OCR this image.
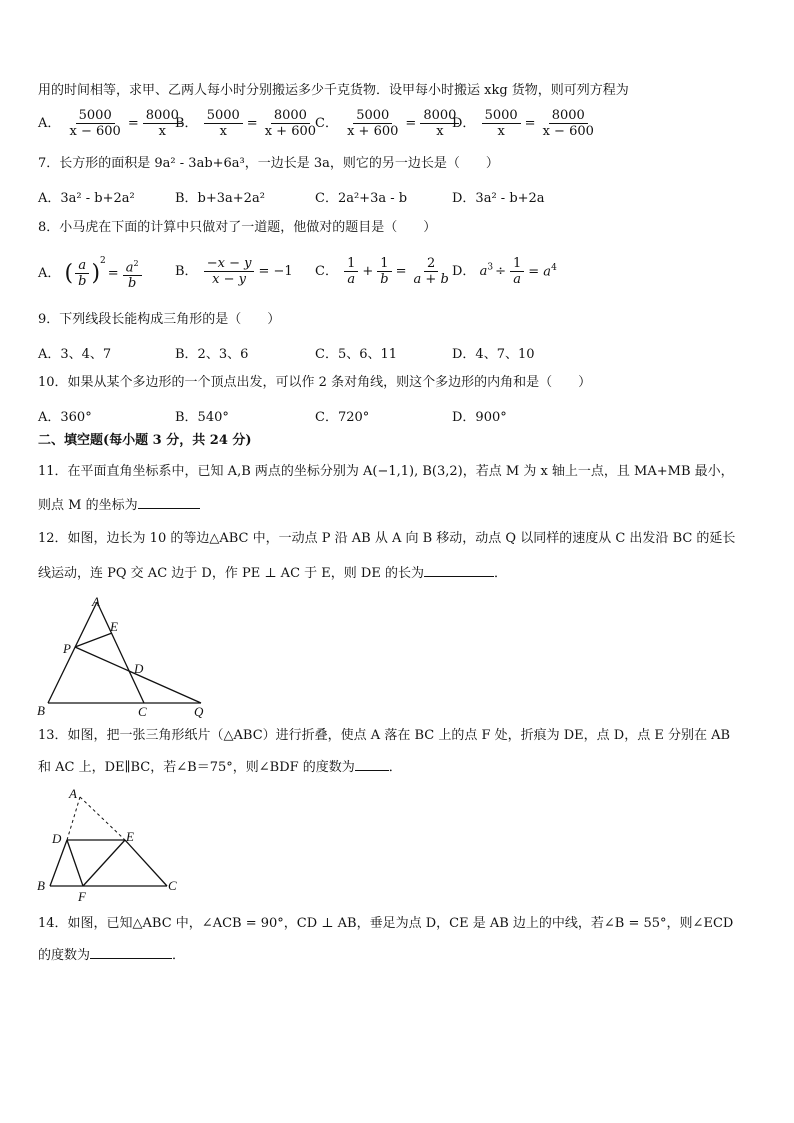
用的时间相等，求甲、乙两人每小时分别搬运多少千克货物．设甲每小时搬运 xkg 货物，则可列方程为
A． $\frac{5000}{x - 600} = \frac{8000}{x}$
B． $\frac{5000}{x} = \frac{8000}{x + 600}$
C． $\frac{5000}{x + 600} = \frac{8000}{x}$
D． $\frac{5000}{x} = \frac{8000}{x - 600}$
7．长方形的面积是 9a² - 3ab+6a³，一边长是 3a，则它的另一边长是（　　）
A．3a² - b+2a²	B．b+3a+2a²	C．2a²+3a - b	D．3a² - b+2a
8．小马虎在下面的计算中只做对了一道题，他做对的题目是（　　）
A． ( $\frac{a}{b} )^2= \frac{a^2}{b}$	B． $\frac{-x - y}{x - y} = -1$ C． $\frac{1}{a} + \frac{1}{b} = \frac{2}{a + b}$ D． $a^3 \div \frac{1}{a} = a^4$
9．下列线段长能构成三角形的是（　　）
A．3、4、7	B．2、3、6	C．5、6、11	D．4、7、10
10．如果从某个多边形的一个顶点出发，可以作 2 条对角线，则这个多边形的内角和是（　　）
A．360°	B．540°	C．720°	D．900°
二、填空题(每小题 3 分，共 24 分)
11．在平面直角坐标系中，已知 A,B 两点的坐标分别为 A(−1,1), B(3,2)，若点 M 为 x 轴上一点，且 MA+MB 最小，
则点 M 的坐标为
12．如图，边长为 10 的等边△ABC 中，一动点 P 沿 AB 从 A 向 B 移动，动点 Q 以同样的速度从 C 出发沿 BC 的延长
线运动，连 PQ 交 AC 边于 D，作 PE ⊥ AC 于 E，则 DE 的长为	．
A
E
P
D
B	C	Q
13．如图，把一张三角形纸片（△ABC）进行折叠，使点 A 落在 BC 上的点 F 处，折痕为 DE，点 D，点 E 分别在 AB
和 AC 上，DE∥BC，若∠B＝75°，则∠BDF 的度数为	．
A
D	E
B
F
C
14．如图，已知△ABC 中，∠ACB = 90°，CD ⊥ AB，垂足为点 D，CE 是 AB 边上的中线，若∠B = 55°，则∠ECD
的度数为	．
